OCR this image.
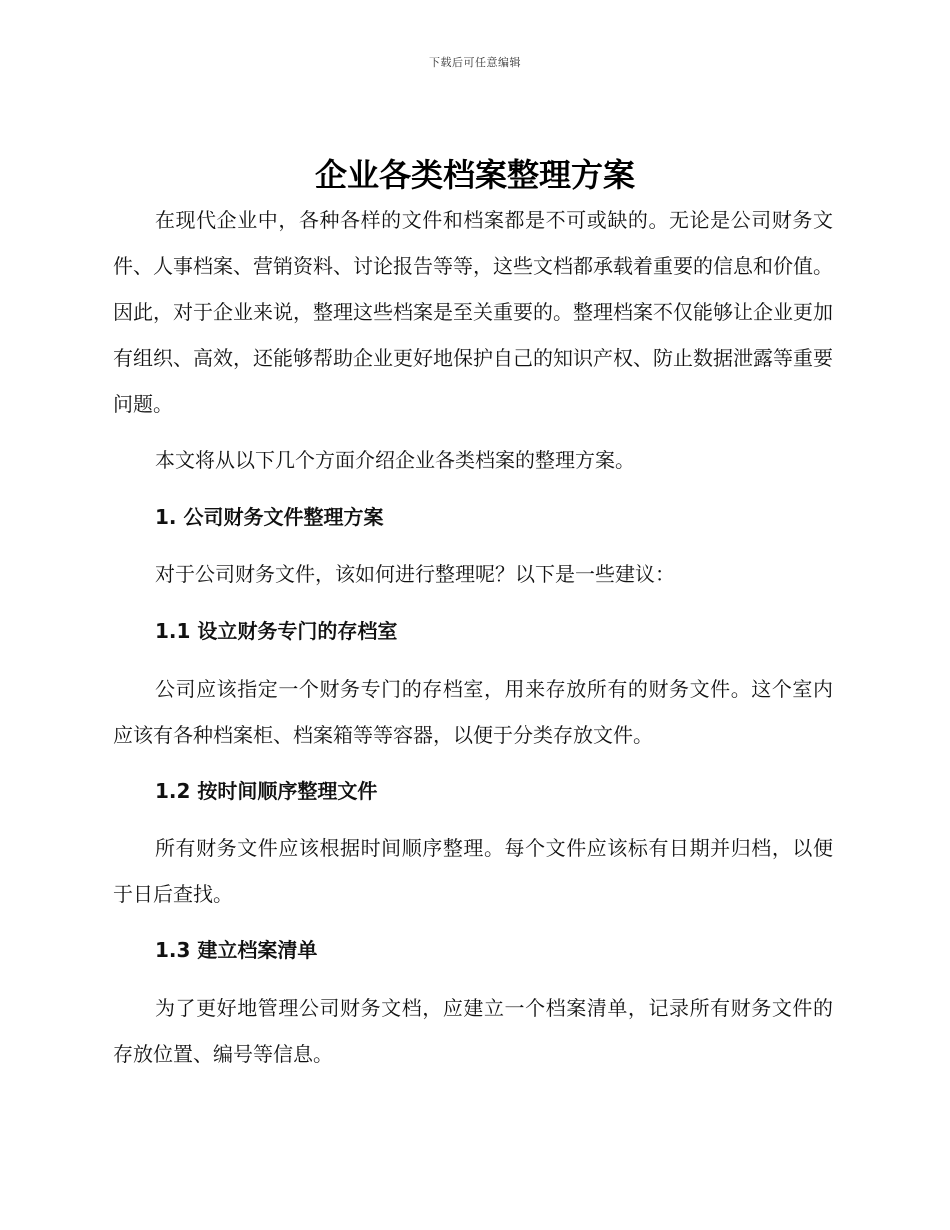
下载后可任意编辑
企业各类档案整理方案

在现代企业中，各种各样的文件和档案都是不可或缺的。无论是公司财务文件、人事档案、营销资料、讨论报告等等，这些文档都承载着重要的信息和价值。因此，对于企业来说，整理这些档案是至关重要的。整理档案不仅能够让企业更加有组织、高效，还能够帮助企业更好地保护自己的知识产权、防止数据泄露等重要问题。

本文将从以下几个方面介绍企业各类档案的整理方案。

1. 公司财务文件整理方案

对于公司财务文件，该如何进行整理呢？以下是一些建议：

1.1 设立财务专门的存档室

公司应该指定一个财务专门的存档室，用来存放所有的财务文件。这个室内应该有各种档案柜、档案箱等等容器，以便于分类存放文件。

1.2 按时间顺序整理文件

所有财务文件应该根据时间顺序整理。每个文件应该标有日期并归档，以便于日后查找。

1.3 建立档案清单

为了更好地管理公司财务文档，应建立一个档案清单，记录所有财务文件的存放位置、编号等信息。
